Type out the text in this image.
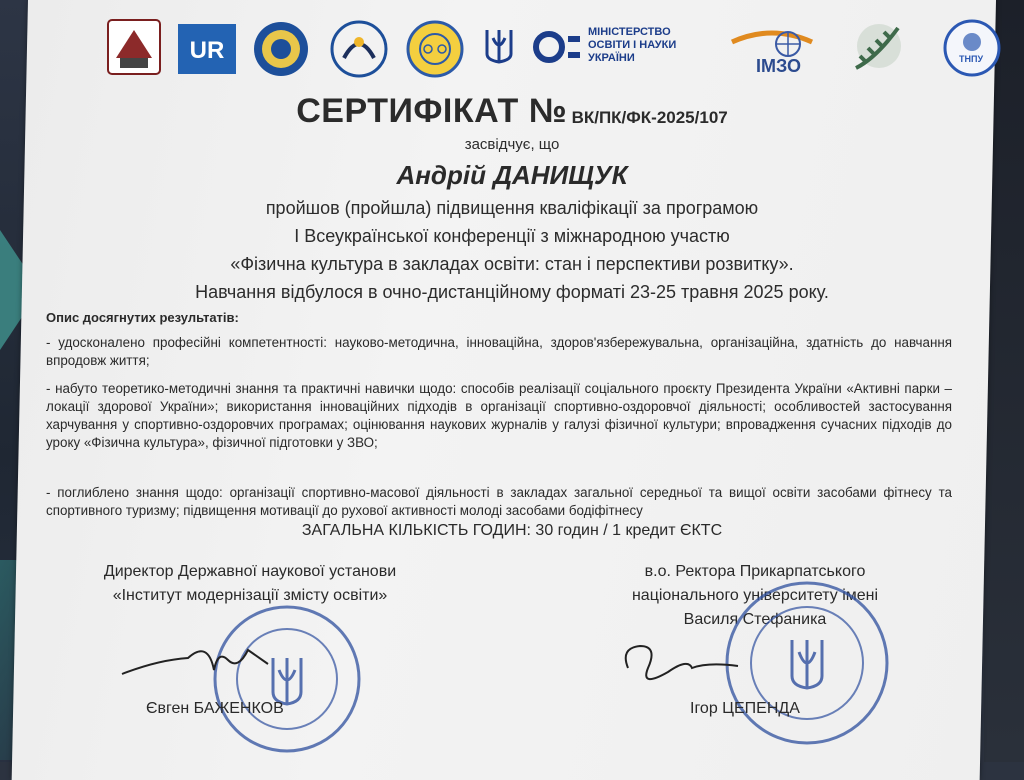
UR
МІНІСТЕРСТВО
ОСВІТИ І НАУКИ
УКРАЇНИ	ІМЗО	ТНПУ
СЕРТИФІКАТ № ВК/ПК/ФК-2025/107
засвідчує, що
Андрій ДАНИЩУК
пройшов (пройшла) підвищення кваліфікації за програмою
І Всеукраїнської конференції з міжнародною участю
«Фізична культура в закладах освіти: стан і перспективи розвитку».
Навчання відбулося в очно-дистанційному форматі 23-25 травня 2025 року.
Опис досягнутих результатів:
- удосконалено професійні компетентності: науково-методична, інноваційна, здоров'язбережувальна, організаційна, здатність до навчання впродовж життя;
- набуто теоретико-методичні знання та практичні навички щодо: способів реалізації соціального проєкту Президента України «Активні парки – локації здорової України»; використання інноваційних підходів в організації спортивно-оздоровчої діяльності; особливостей застосування харчування у спортивно-оздоровчих програмах; оцінювання наукових журналів у галузі фізичної культури; впровадження сучасних підходів до уроку «Фізична культура», фізичної підготовки у ЗВО;
- поглиблено знання щодо: організації спортивно-масової діяльності в закладах загальної середньої та вищої освіти засобами фітнесу та спортивного туризму; підвищення мотивації до рухової активності молоді засобами бодіфітнесу
ЗАГАЛЬНА КІЛЬКІСТЬ ГОДИН: 30 годин / 1 кредит ЄКТС
Директор Державної наукової установи
«Інститут модернізації змісту освіти»
Євген БАЖЕНКОВ
в.о. Ректора Прикарпатського
національного університету імені
Василя Стефаника
Ігор ЦЕПЕНДА
